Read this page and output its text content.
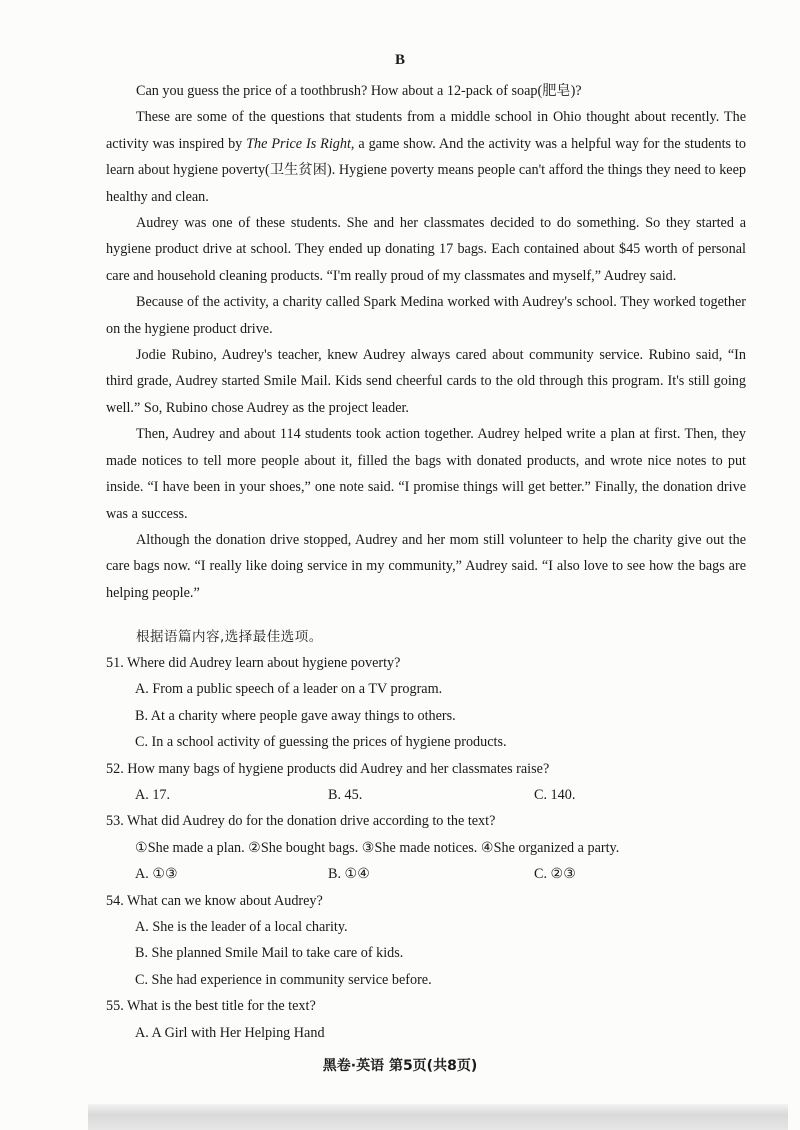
B

Can you guess the price of a toothbrush? How about a 12-pack of soap(肥皂)?

These are some of the questions that students from a middle school in Ohio thought about recently. The activity was inspired by The Price Is Right, a game show. And the activity was a helpful way for the students to learn about hygiene poverty(卫生贫困). Hygiene poverty means people can't afford the things they need to keep healthy and clean.

Audrey was one of these students. She and her classmates decided to do something. So they started a hygiene product drive at school. They ended up donating 17 bags. Each contained about $45 worth of personal care and household cleaning products. “I'm really proud of my classmates and myself,” Audrey said.

Because of the activity, a charity called Spark Medina worked with Audrey's school. They worked together on the hygiene product drive.

Jodie Rubino, Audrey's teacher, knew Audrey always cared about community service. Rubino said, “In third grade, Audrey started Smile Mail. Kids send cheerful cards to the old through this program. It's still going well.” So, Rubino chose Audrey as the project leader.

Then, Audrey and about 114 students took action together. Audrey helped write a plan at first. Then, they made notices to tell more people about it, filled the bags with donated products, and wrote nice notes to put inside. “I have been in your shoes,” one note said. “I promise things will get better.” Finally, the donation drive was a success.

Although the donation drive stopped, Audrey and her mom still volunteer to help the charity give out the care bags now. “I really like doing service in my community,” Audrey said. “I also love to see how the bags are helping people.”

根据语篇内容,选择最佳选项。

51. Where did Audrey learn about hygiene poverty?

A. From a public speech of a leader on a TV program.

B. At a charity where people gave away things to others.

C. In a school activity of guessing the prices of hygiene products.

52. How many bags of hygiene products did Audrey and her classmates raise?

A. 17.	B. 45.	C. 140.

53. What did Audrey do for the donation drive according to the text?

①She made a plan. ②She bought bags. ③She made notices. ④She organized a party.

A. ①③	B. ①④	C. ②③

54. What can we know about Audrey?

A. She is the leader of a local charity.

B. She planned Smile Mail to take care of kids.

C. She had experience in community service before.

55. What is the best title for the text?

A. A Girl with Her Helping Hand

黑卷·英语 第5页(共8页)
